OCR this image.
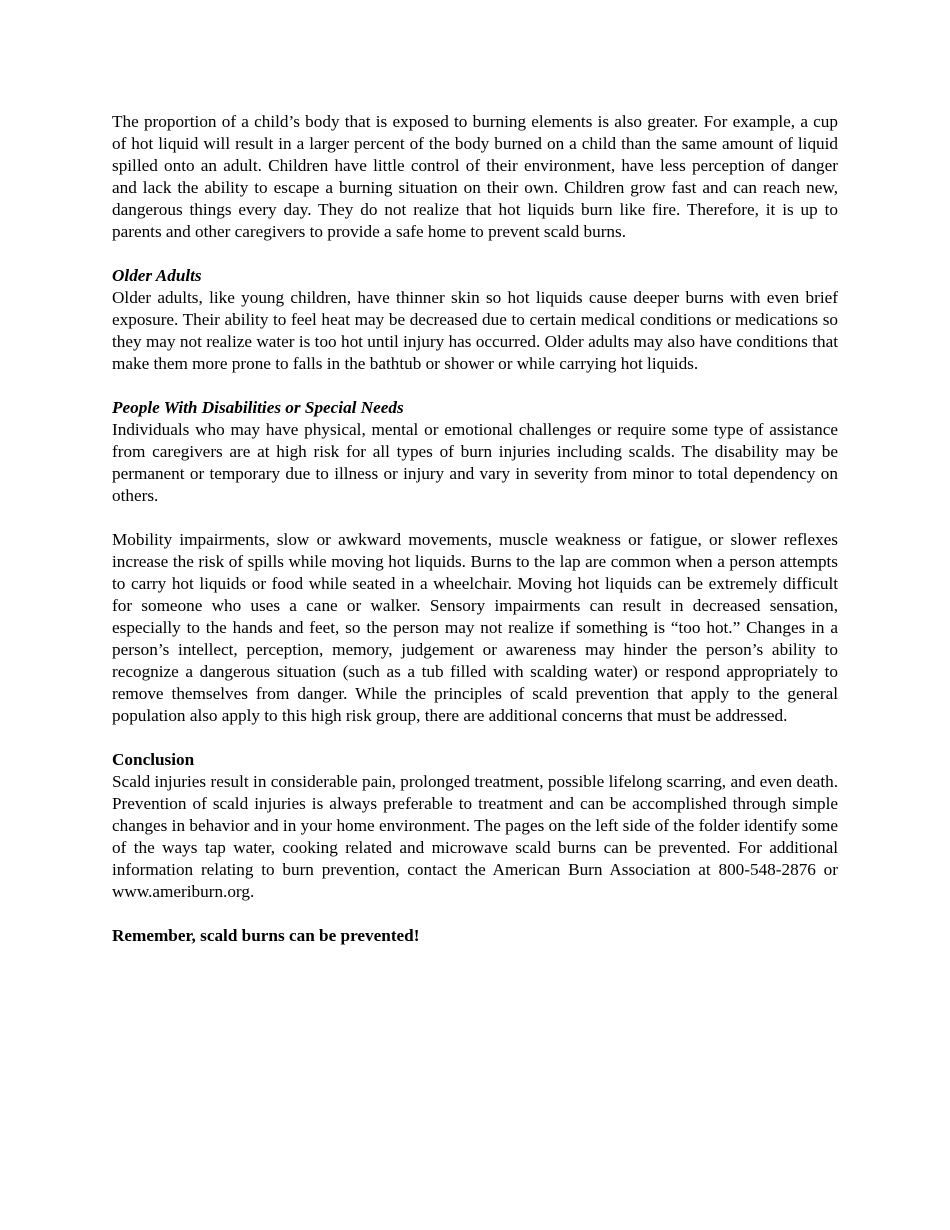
The proportion of a child’s body that is exposed to burning elements is also greater. For example, a cup of hot liquid will result in a larger percent of the body burned on a child than the same amount of liquid spilled onto an adult. Children have little control of their environment, have less perception of danger and lack the ability to escape a burning situation on their own. Children grow fast and can reach new, dangerous things every day. They do not realize that hot liquids burn like fire. Therefore, it is up to parents and other caregivers to provide a safe home to prevent scald burns.

Older Adults

Older adults, like young children, have thinner skin so hot liquids cause deeper burns with even brief exposure. Their ability to feel heat may be decreased due to certain medical conditions or medications so they may not realize water is too hot until injury has occurred. Older adults may also have conditions that make them more prone to falls in the bathtub or shower or while carrying hot liquids.

People With Disabilities or Special Needs

Individuals who may have physical, mental or emotional challenges or require some type of assistance from caregivers are at high risk for all types of burn injuries including scalds. The disability may be permanent or temporary due to illness or injury and vary in severity from minor to total dependency on others.

Mobility impairments, slow or awkward movements, muscle weakness or fatigue, or slower reflexes increase the risk of spills while moving hot liquids. Burns to the lap are common when a person attempts to carry hot liquids or food while seated in a wheelchair. Moving hot liquids can be extremely difficult for someone who uses a cane or walker. Sensory impairments can result in decreased sensation, especially to the hands and feet, so the person may not realize if something is “too hot.” Changes in a person’s intellect, perception, memory, judgement or awareness may hinder the person’s ability to recognize a dangerous situation (such as a tub filled with scalding water) or respond appropriately to remove themselves from danger. While the principles of scald prevention that apply to the general population also apply to this high risk group, there are additional concerns that must be addressed.

Conclusion

Scald injuries result in considerable pain, prolonged treatment, possible lifelong scarring, and even death. Prevention of scald injuries is always preferable to treatment and can be accomplished through simple changes in behavior and in your home environment. The pages on the left side of the folder identify some of the ways tap water, cooking related and microwave scald burns can be prevented. For additional information relating to burn prevention, contact the American Burn Association at 800-548-2876 or www.ameriburn.org.

Remember, scald burns can be prevented!
